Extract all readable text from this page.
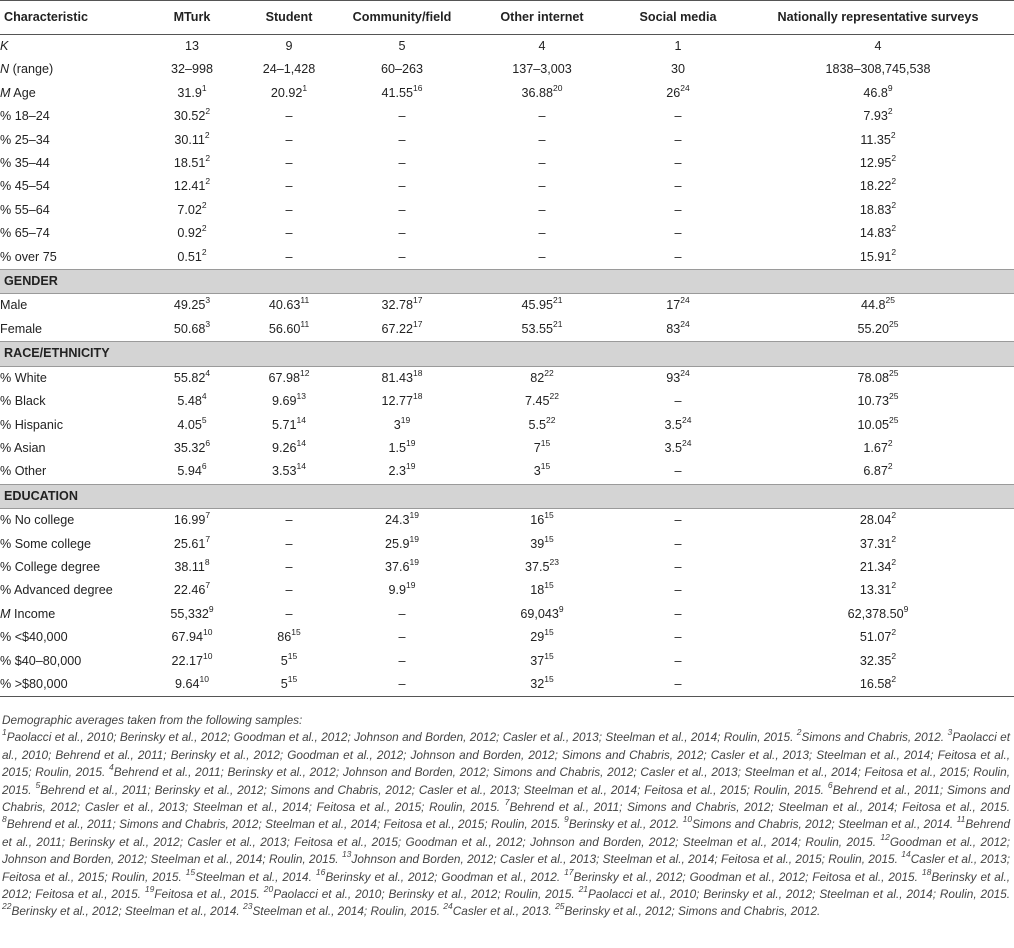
Characteristic	MTurk	Student	Community/field	Other internet	Social media	Nationally representative surveys
K	13	9	5	4	1	4
N (range)	32–998	24–1,428	60–263	137–3,003	30	1838–308,745,538
M Age	31.9$^1$	20.92$^1$	41.55$^{16}$	36.88$^{20}$	$26^{24}$	46.8$^9$
% 18–24	30.52$^2$	–	–	–	–	7.93$^2$
% 25–34	30.11$^2$	–	–	–	–	11.35$^2$
% 35–44	18.51$^2$	–	–	–	–	12.95$^2$
% 45–54	12.41$^2$	–	–	–	–	18.22$^2$
% 55–64	7.02$^2$	–	–	–	–	18.83$^2$
% 65–74	0.92$^2$	–	–	–	–	14.83$^2$
% over 75	0.51$^2$	–	–	–	–	15.91$^2$
GENDER						
Male	49.25$^3$	40.63$^{11}$	32.78$^{17}$	45.95$^{21}$	$17^{24}$	44.8$^{25}$
Female	50.68$^3$	56.60$^{11}$	67.22$^{17}$	53.55$^{21}$	$83^{24}$	55.20$^{25}$
RACE/ETHNICITY						
% White	55.82$^4$	67.98$^{12}$	81.43$^{18}$	$82^{22}$	$93^{24}$	78.08$^{25}$
% Black	5.48$^4$	9.69$^{13}$	12.77$^{18}$	7.45$^{22}$	–	10.73$^{25}$
% Hispanic	4.05$^5$	5.71$^{14}$	$3^{19}$	$5.5^{22}$	$3.5^{24}$	10.05$^{25}$
% Asian	35.32$^6$	9.26$^{14}$	$1.5^{19}$	$7^{15}$	$3.5^{24}$	1.67$^2$
% Other	5.94$^6$	3.53$^{14}$	$2.3^{19}$	$3^{15}$	–	6.87$^2$
EDUCATION						
% No college	16.99$^7$	–	24.3$^{19}$	$16^{15}$	–	28.04$^2$
% Some college	25.61$^7$	–	25.9$^{19}$	$39^{15}$	–	37.31$^2$
% College degree	38.11$^8$	–	37.6$^{19}$	37.5$^{23}$	–	21.34$^2$
% Advanced degree	22.46$^7$	–	$9.9^{19}$	$18^{15}$	–	13.31$^2$
M Income	55,332$^9$	–	–	69,043$^9$	–	62,378.50$^9$
% <$40,000	67.94$^{10}$	$86^{15}$	–	$29^{15}$	–	51.07$^2$
% $40–80,000	22.17$^{10}$	$5^{15}$	–	$37^{15}$	–	32.35$^2$
% >$80,000	9.64$^{10}$	$5^{15}$	–	$32^{15}$	–	16.58$^2$

Demographic averages taken from the following samples:

$^1$Paolacci et al., 2010; Berinsky et al., 2012; Goodman et al., 2012; Johnson and Borden, 2012; Casler et al., 2013; Steelman et al., 2014; Roulin, 2015. $^2$Simons and Chabris, 2012. $^3$Paolacci et al., 2010; Behrend et al., 2011; Berinsky et al., 2012; Goodman et al., 2012; Johnson and Borden, 2012; Simons and Chabris, 2012; Casler et al., 2013; Steelman et al., 2014; Feitosa et al., 2015; Roulin, 2015. $^4$Behrend et al., 2011; Berinsky et al., 2012; Johnson and Borden, 2012; Simons and Chabris, 2012; Casler et al., 2013; Steelman et al., 2014; Feitosa et al., 2015; Roulin, 2015. $^5$Behrend et al., 2011; Berinsky et al., 2012; Simons and Chabris, 2012; Casler et al., 2013; Steelman et al., 2014; Feitosa et al., 2015; Roulin, 2015. $^6$Behrend et al., 2011; Simons and Chabris, 2012; Casler et al., 2013; Steelman et al., 2014; Feitosa et al., 2015; Roulin, 2015. $^7$Behrend et al., 2011; Simons and Chabris, 2012; Steelman et al., 2014; Feitosa et al., 2015. $^8$Behrend et al., 2011; Simons and Chabris, 2012; Steelman et al., 2014; Feitosa et al., 2015; Roulin, 2015. $^9$Berinsky et al., 2012. $^{10}$Simons and Chabris, 2012; Steelman et al., 2014. $^{11}$Behrend et al., 2011; Berinsky et al., 2012; Casler et al., 2013; Feitosa et al., 2015; Goodman et al., 2012; Johnson and Borden, 2012; Steelman et al., 2014; Roulin, 2015. $^{12}$Goodman et al., 2012; Johnson and Borden, 2012; Steelman et al., 2014; Roulin, 2015. $^{13}$Johnson and Borden, 2012; Casler et al., 2013; Steelman et al., 2014; Feitosa et al., 2015; Roulin, 2015. $^{14}$Casler et al., 2013; Feitosa et al., 2015; Roulin, 2015. $^{15}$Steelman et al., 2014. $^{16}$Berinsky et al., 2012; Goodman et al., 2012. $^{17}$Berinsky et al., 2012; Goodman et al., 2012; Feitosa et al., 2015. $^{18}$Berinsky et al., 2012; Feitosa et al., 2015. $^{19}$Feitosa et al., 2015. $^{20}$Paolacci et al., 2010; Berinsky et al., 2012; Roulin, 2015. $^{21}$Paolacci et al., 2010; Berinsky et al., 2012; Steelman et al., 2014; Roulin, 2015. $^{22}$Berinsky et al., 2012; Steelman et al., 2014. $^{23}$Steelman et al., 2014; Roulin, 2015. $^{24}$Casler et al., 2013. $^{25}$Berinsky et al., 2012; Simons and Chabris, 2012.
